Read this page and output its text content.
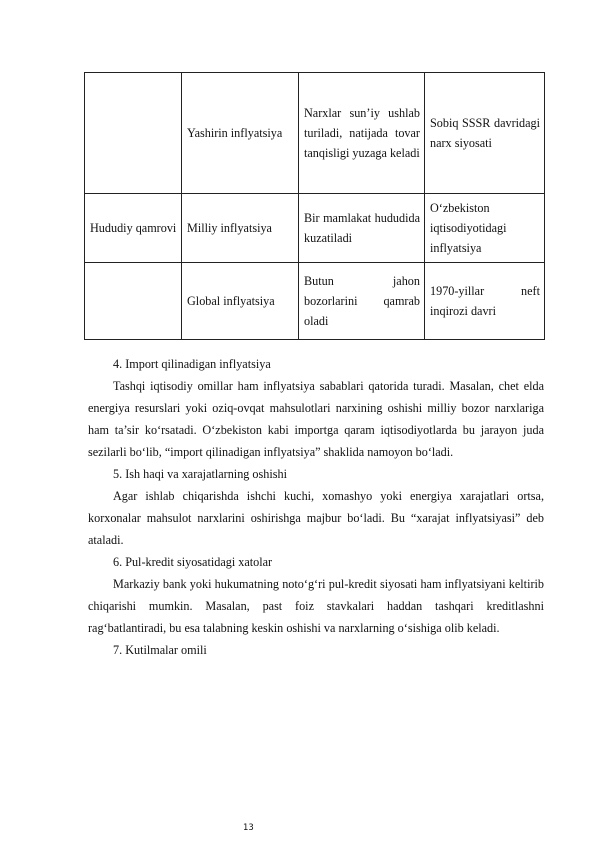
	Yashirin inflyatsiya	Narxlar sun’iy ushlab turiladi, natijada tovar tanqisligi yuzaga keladi	Sobiq SSSR davridagi narx siyosati
Hududiy qamrovi	Milliy inflyatsiya	Bir mamlakat hududida kuzatiladi	O‘zbekiston iqtisodiyotidagi inflyatsiya
	Global inflyatsiya	Butun jahon bozorlarini qamrab oladi	1970-yillar neft inqirozi davri
4. Import qilinadigan inflyatsiya

Tashqi iqtisodiy omillar ham inflyatsiya sabablari qatorida turadi. Masalan, chet elda energiya resurslari yoki oziq-ovqat mahsulotlari narxining oshishi milliy bozor narxlariga ham ta’sir ko‘rsatadi. O‘zbekiston kabi importga qaram iqtisodiyotlarda bu jarayon juda sezilarli bo‘lib, “import qilinadigan inflyatsiya” shaklida namoyon bo‘ladi.

5. Ish haqi va xarajatlarning oshishi

Agar ishlab chiqarishda ishchi kuchi, xomashyo yoki energiya xarajatlari ortsa, korxonalar mahsulot narxlarini oshirishga majbur bo‘ladi. Bu “xarajat inflyatsiyasi” deb ataladi.

6. Pul-kredit siyosatidagi xatolar

Markaziy bank yoki hukumatning noto‘g‘ri pul-kredit siyosati ham inflyatsiyani keltirib chiqarishi mumkin. Masalan, past foiz stavkalari haddan tashqari kreditlashni rag‘batlantiradi, bu esa talabning keskin oshishi va narxlarning o‘sishiga olib keladi.

7. Kutilmalar omili
13
